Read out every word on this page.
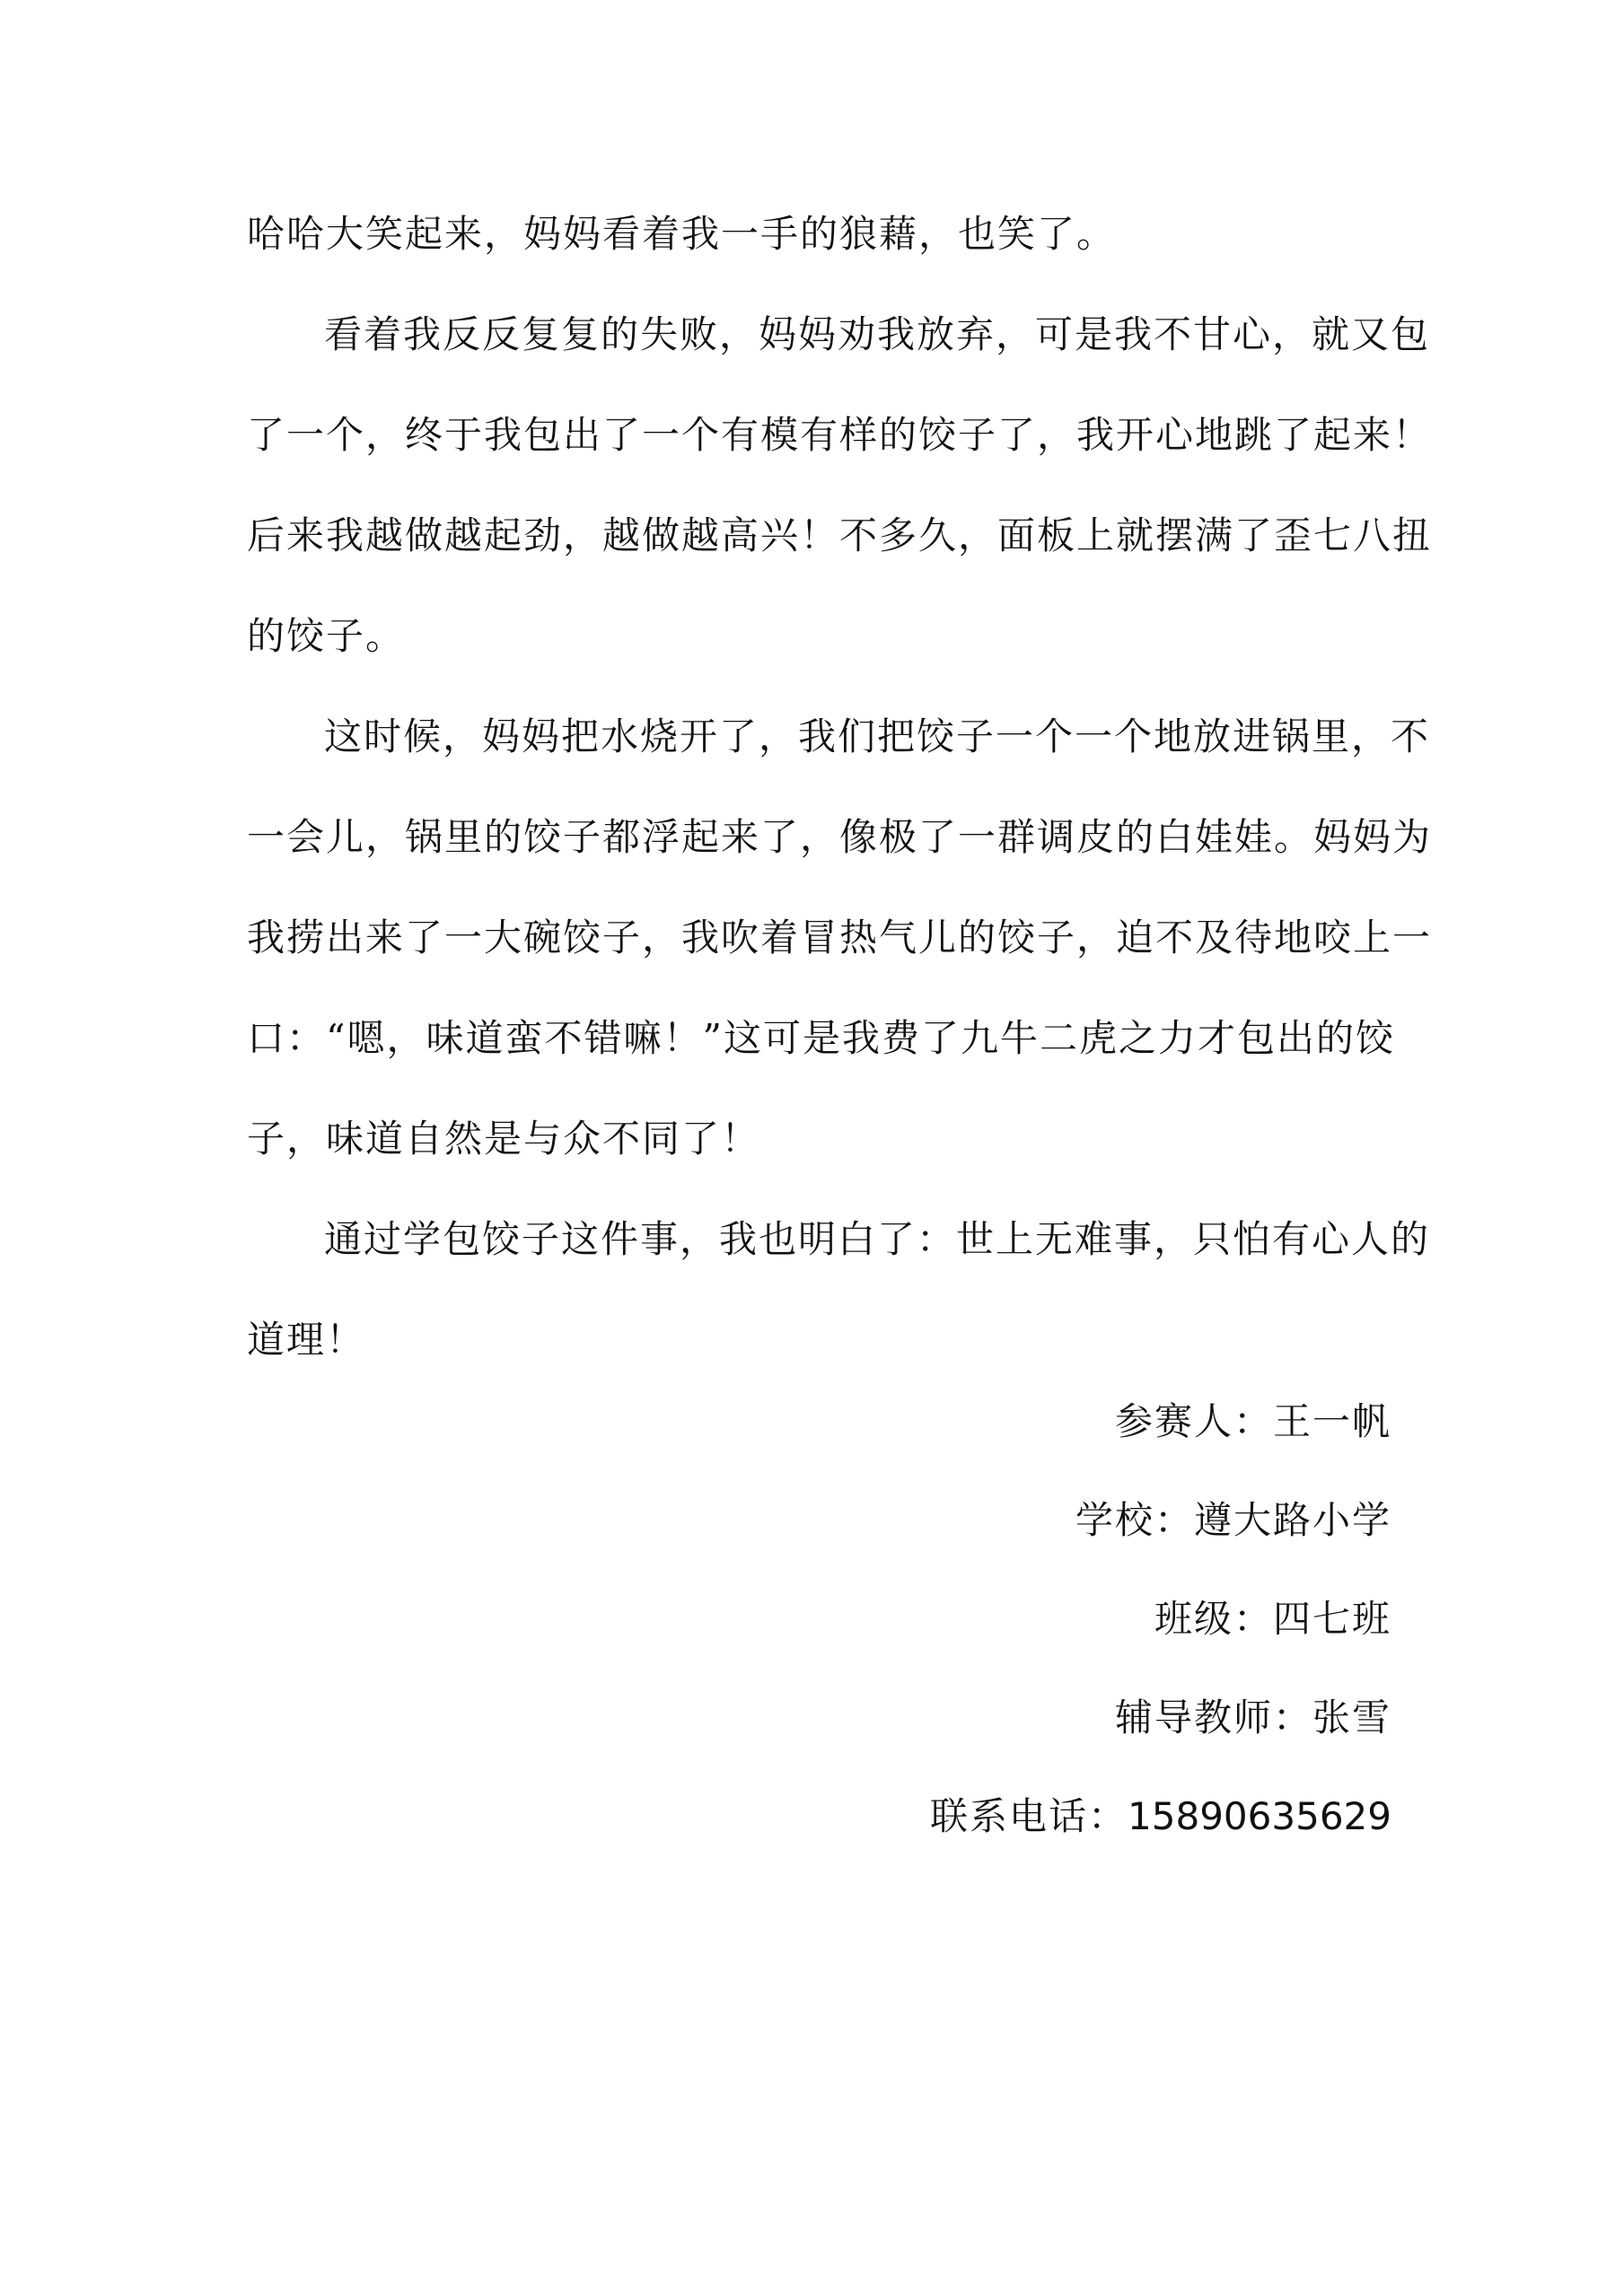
哈哈大笑起来，妈妈看着我一手的狼藉，也笑了。
看着我反反复复的失败，妈妈劝我放弃，可是我不甘心，就又包
了一个，终于我包出了一个有模有样的饺子了，我开心地跳了起来！
后来我越做越起劲，越做越高兴！不多久，面板上就摆满了歪七八扭
的饺子。
这时候，妈妈把水烧开了，我们把饺子一个一个地放进锅里，不
一会儿，锅里的饺子都浮起来了，像极了一群调皮的白娃娃。妈妈为
我捞出来了一大碗饺子，我吹着冒热气儿的饺子，迫不及待地咬上一
口：“嗯，味道蛮不错嘛！”这可是我费了九牛二虎之力才包出的饺
子，味道自然是与众不同了！
通过学包饺子这件事，我也明白了：世上无难事，只怕有心人的
道理！
参赛人：王一帆
学校：遵大路小学
班级：四七班
辅导教师：张雪
联系电话：15890635629
